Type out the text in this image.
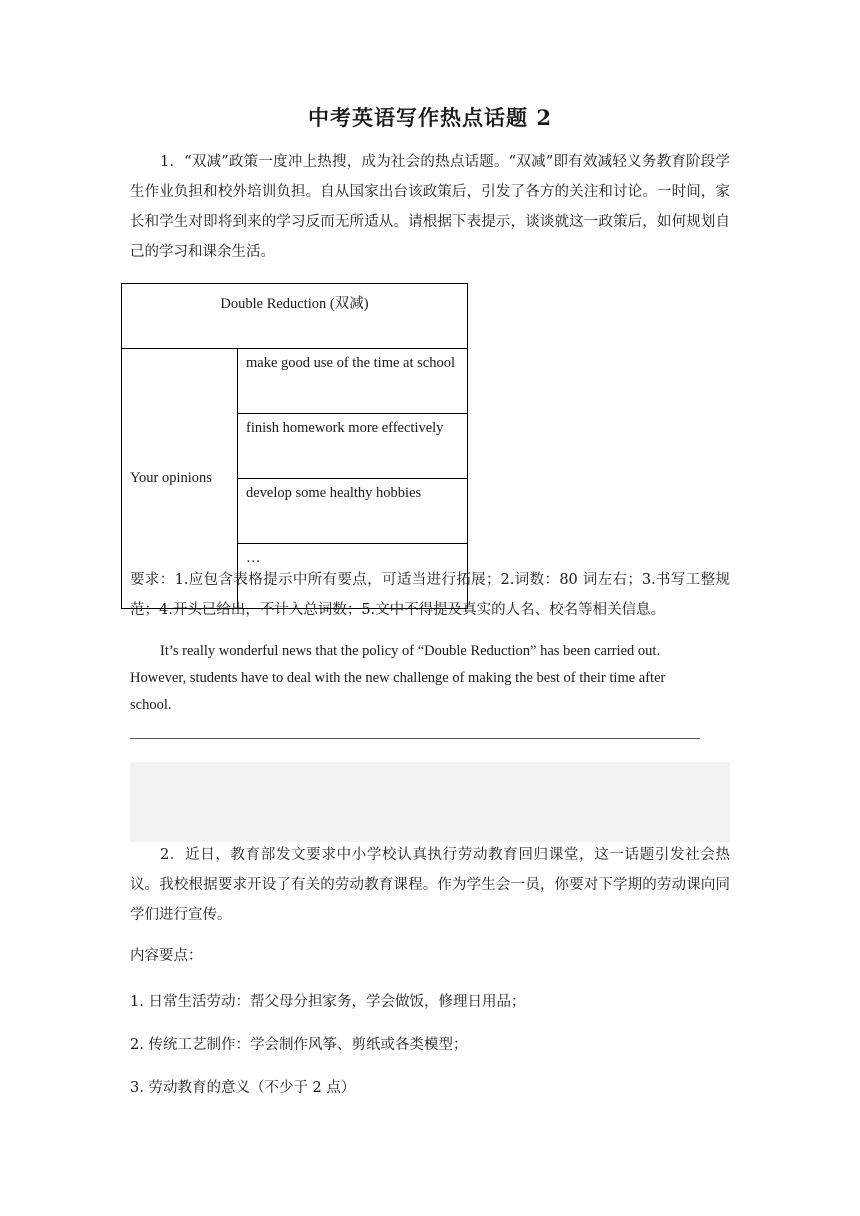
中考英语写作热点话题 2
1．“双减”政策一度冲上热搜，成为社会的热点话题。“双减”即有效减轻义务教育阶段学生作业负担和校外培训负担。自从国家出台该政策后，引发了各方的关注和讨论。一时间，家长和学生对即将到来的学习反而无所适从。请根据下表提示，谈谈就这一政策后，如何规划自己的学习和课余生活。
Double Reduction (双减)
Your opinions	make good use of the time at school
finish homework more effectively
develop some healthy hobbies
…
要求：1.应包含表格提示中所有要点，可适当进行拓展；2.词数：80 词左右；3.书写工整规范；4.开头已给出，不计入总词数；5.文中不得提及真实的人名、校名等相关信息。
It’s really wonderful news that the policy of “Double Reduction” has been carried out. However, students have to deal with the new challenge of making the best of their time after school.
2．近日，教育部发文要求中小学校认真执行劳动教育回归课堂，这一话题引发社会热议。我校根据要求开设了有关的劳动教育课程。作为学生会一员，你要对下学期的劳动课向同学们进行宣传。
内容要点：
1. 日常生活劳动：帮父母分担家务，学会做饭，修理日用品；
2. 传统工艺制作：学会制作风筝、剪纸或各类模型；
3. 劳动教育的意义（不少于 2 点）
